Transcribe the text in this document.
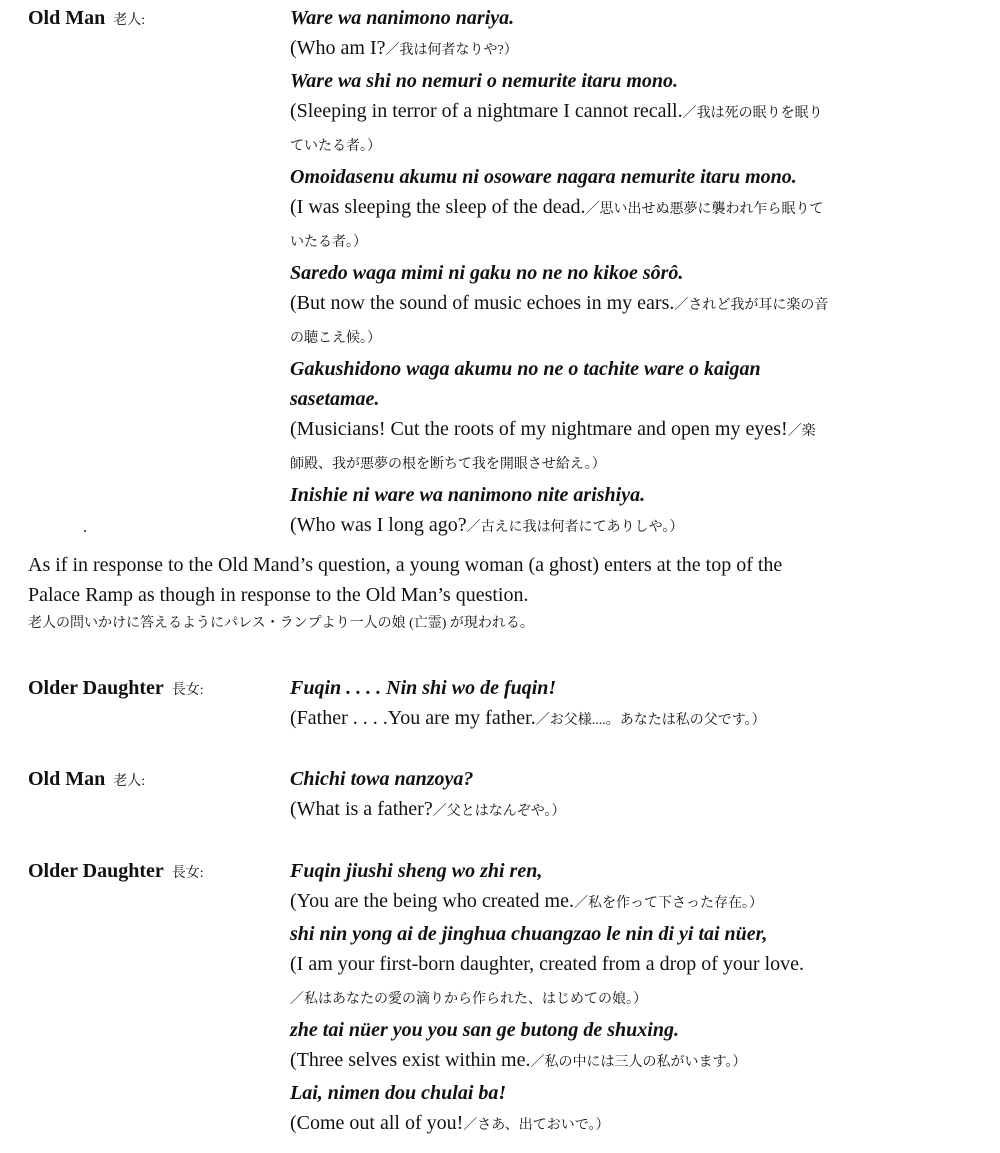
Old Man 老人:	Ware wa nanimono nariya.

(Who am I?／我は何者なりや?）

Ware wa shi no nemuri o nemurite itaru mono.

(Sleeping in terror of a nightmare I cannot recall.／我は死の眠りを眠り

ていたる者。）

Omoidasenu akumu ni osoware nagara nemurite itaru mono.

(I was sleeping the sleep of the dead.／思い出せぬ悪夢に襲われ乍ら眠りて

いたる者。）

Saredo waga mimi ni gaku no ne no kikoe sôrô.

(But now the sound of music echoes in my ears.／されど我が耳に楽の音

の聴こえ候。）

Gakushidono waga akumu no ne o tachite ware o kaigan

sasetamae.

(Musicians! Cut the roots of my nightmare and open my eyes!／楽

師殿、我が悪夢の根を断ちて我を開眼させ給え。）

Inishie ni ware wa nanimono nite arishiya.

(Who was I long ago?／古えに我は何者にてありしや。）

As if in response to the Old Mand’s question, a young woman (a ghost) enters at the top of the

Palace Ramp as though in response to the Old Man’s question.

老人の問いかけに答えるようにパレス・ランプより一人の娘 (亡霊) が現われる。

Older Daughter 長女:	Fuqin . . . . Nin shi wo de fuqin!

(Father . . . .You are my father.／お父様....。あなたは私の父です。）

Old Man 老人:	Chichi towa nanzoya?

(What is a father?／父とはなんぞや。）

Older Daughter 長女:	Fuqin jiushi sheng wo zhi ren,

(You are the being who created me.／私を作って下さった存在。）

shi nin yong ai de jinghua chuangzao le nin di yi tai nüer,

(I am your first-born daughter, created from a drop of your love.

／私はあなたの愛の滴りから作られた、はじめての娘。）

zhe tai nüer you you san ge butong de shuxing.

(Three selves exist within me.／私の中には三人の私がいます。）

Lai, nimen dou chulai ba!

(Come out all of you!／さあ、出ておいで。）
